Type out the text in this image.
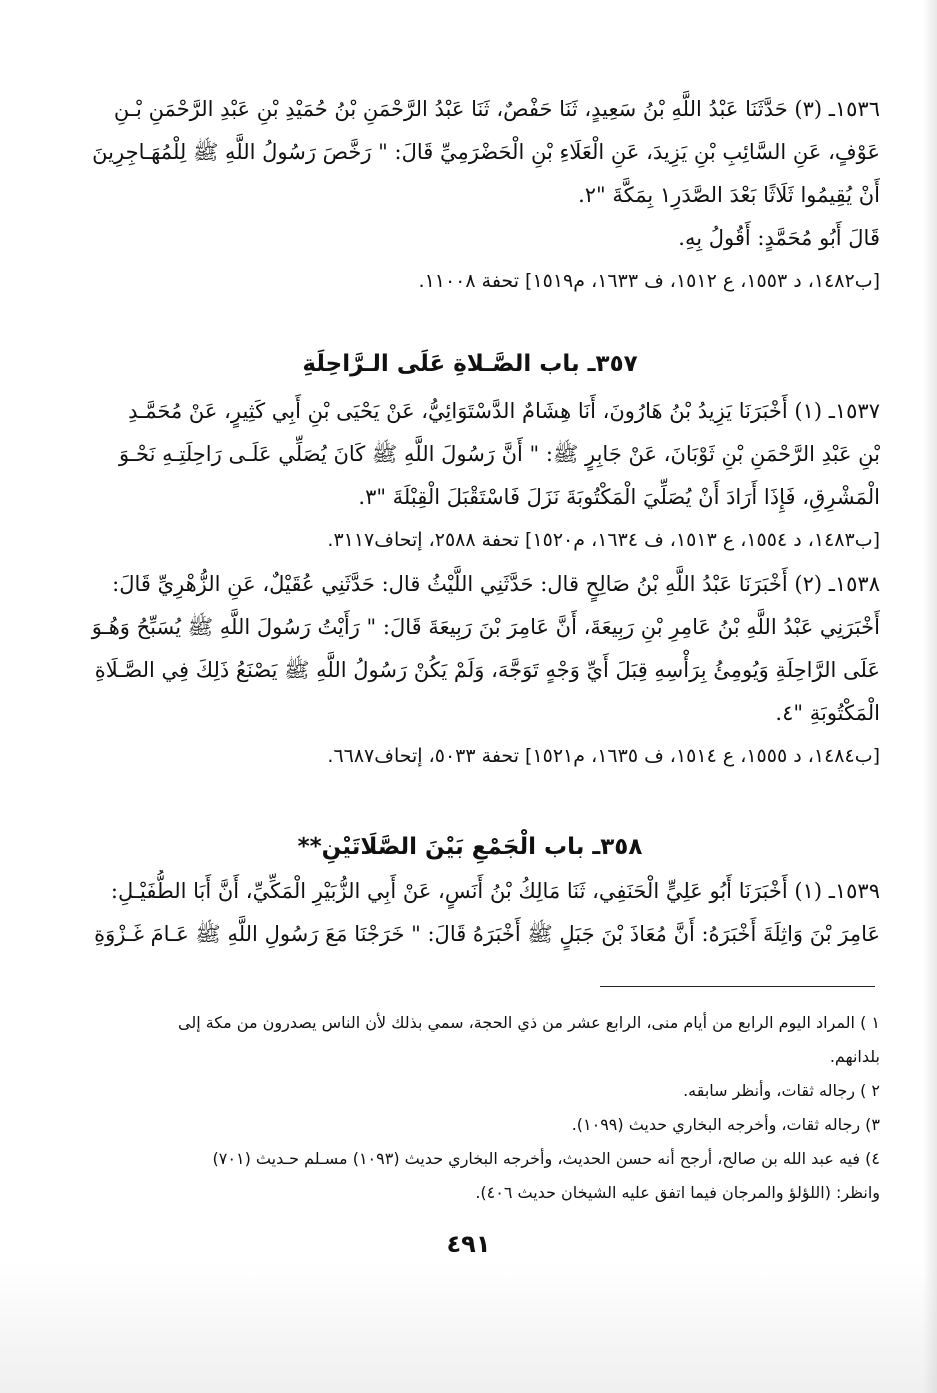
١٥٣٦ـ (٣) حَدَّثَنَا عَبْدُ اللَّهِ بْنُ سَعِيدٍ، ثَنَا حَفْصٌ، ثَنَا عَبْدُ الرَّحْمَنِ بْنُ حُمَيْدِ بْنِ عَبْدِ الرَّحْمَنِ بْـنِ
عَوْفٍ، عَنِ السَّائِبِ بْنِ يَزِيدَ، عَنِ الْعَلَاءِ بْنِ الْحَضْرَمِيِّ قَالَ: " رَخَّصَ رَسُولُ اللَّهِ ﷺ لِلْمُهَـاجِرِينَ
أَنْ يُقِيمُوا ثَلَاثًا بَعْدَ الصَّدَرِ١ بِمَكَّةَ "٢.
قَالَ أَبُو مُحَمَّدٍ: أَقُولُ بِهِ.
[ب١٤٨٢، د ١٥٥٣، ع ١٥١٢، ف ١٦٣٣، م١٥١٩] تحفة ١١٠٠٨.
٣٥٧ـ باب الصَّـلاةِ عَلَى الـرَّاحِلَةِ
١٥٣٧ـ (١) أَخْبَرَنَا يَزِيدُ بْنُ هَارُونَ، أَنَا هِشَامٌ الدَّسْتَوَائِيُّ، عَنْ يَحْيَى بْنِ أَبِي كَثِيرٍ، عَنْ مُحَمَّـدِ
بْنِ عَبْدِ الرَّحْمَنِ بْنِ ثَوْبَانَ، عَنْ جَابِرٍ ﷺ: " أَنَّ رَسُولَ اللَّهِ ﷺ كَانَ يُصَلِّي عَلَـى رَاحِلَتِـهِ نَحْـوَ
الْمَشْرِقِ، فَإِذَا أَرَادَ أَنْ يُصَلِّيَ الْمَكْتُوبَةَ نَزَلَ فَاسْتَقْبَلَ الْقِبْلَةَ "٣.
[ب١٤٨٣، د ١٥٥٤، ع ١٥١٣، ف ١٦٣٤، م١٥٢٠] تحفة ٢٥٨٨، إتحاف٣١١٧.
١٥٣٨ـ (٢) أَخْبَرَنَا عَبْدُ اللَّهِ بْنُ صَالِحٍ قال: حَدَّثَنِي اللَّيْثُ قال: حَدَّثَنِي عُقَيْلٌ، عَنِ الزُّهْرِيِّ قَالَ:
أَخْبَرَنِي عَبْدُ اللَّهِ بْنُ عَامِرِ بْنِ رَبِيعَةَ، أَنَّ عَامِرَ بْنَ رَبِيعَةَ قَالَ: " رَأَيْتُ رَسُولَ اللَّهِ ﷺ يُسَبِّحُ وَهُـوَ
عَلَى الرَّاحِلَةِ وَيُومِئُ بِرَأْسِهِ قِبَلَ أَيِّ وَجْهٍ تَوَجَّهَ، وَلَمْ يَكُنْ رَسُولُ اللَّهِ ﷺ يَصْنَعُ ذَلِكَ فِي الصَّـلَاةِ
الْمَكْتُوبَةِ "٤.
[ب١٤٨٤، د ١٥٥٥، ع ١٥١٤، ف ١٦٣٥، م١٥٢١] تحفة ٥٠٣٣، إتحاف٦٦٨٧.
٣٥٨ـ باب الْجَمْعِ بَيْنَ الصَّلَاتَيْنِ**
١٥٣٩ـ (١) أَخْبَرَنَا أَبُو عَلِيٍّ الْحَنَفِي، ثَنَا مَالِكُ بْنُ أَنَسٍ، عَنْ أَبِي الزُّبَيْرِ الْمَكِّيِّ، أَنَّ أَبَا الطُّفَيْـلِ:
عَامِرَ بْنَ وَاثِلَةَ أَخْبَرَهُ: أَنَّ مُعَاذَ بْنَ جَبَلٍ ﷺ أَخْبَرَهُ قَالَ: " خَرَجْنَا مَعَ رَسُولِ اللَّهِ ﷺ عَـامَ غَـزْوَةِ
١ ) المراد اليوم الرابع من أيام منى، الرابع عشر من ذي الحجة، سمي بذلك لأن الناس يصدرون من مكة إلى
بلدانهم.
٢ ) رجاله ثقات، وأنظر سابقه.
٣) رجاله ثقات، وأخرجه البخاري حديث (١٠٩٩).
٤) فيه عبد الله بن صالح، أرجح أنه حسن الحديث، وأخرجه البخاري حديث (١٠٩٣) مسـلم حـديث (٧٠١)
وانظر: (اللؤلؤ والمرجان فيما اتفق عليه الشيخان حديث ٤٠٦).
٤٩١
